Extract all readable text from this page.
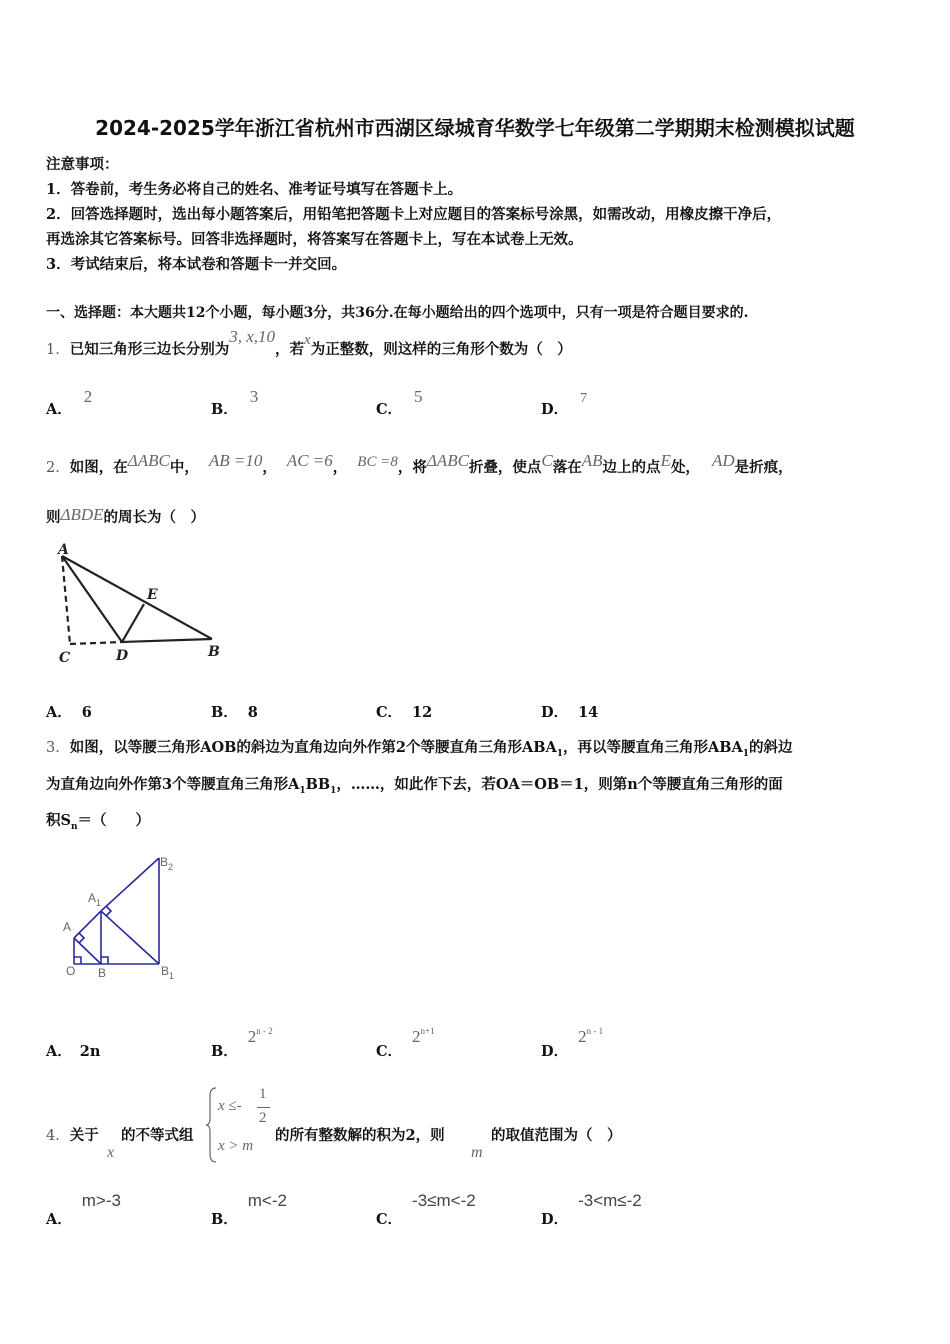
2024-2025学年浙江省杭州市西湖区绿城育华数学七年级第二学期期末检测模拟试题
注意事项：
1．答卷前，考生务必将自己的姓名、准考证号填写在答题卡上。
2．回答选择题时，选出每小题答案后，用铅笔把答题卡上对应题目的答案标号涂黑，如需改动，用橡皮擦干净后，
再选涂其它答案标号。回答非选择题时，将答案写在答题卡上，写在本试卷上无效。
3．考试结束后，将本试卷和答题卡一并交回。
一、选择题：本大题共12个小题，每小题3分，共36分.在每小题给出的四个选项中，只有一项是符合题目要求的.
1．已知三角形三边长分别为3, x,10，若x为正整数，则这样的三角形个数为（　）
A．2
B．3
C．5
D．7
2．如图，在ΔABC中， AB =10， AC =6， BC =8，将ΔABC折叠，使点C落在AB边上的点E处， AD是折痕，
则ΔBDE的周长为（　）
A
E
C	D	B
A． 6	B． 8	C． 12	D． 14
3．如图，以等腰三角形AOB的斜边为直角边向外作第2个等腰直角三角形$ABA_1$，再以等腰直角三角形$ABA_1$的斜边
为直角边向外作第3个等腰直角三角形$A_1BB_1$，……，如此作下去，若OA＝OB＝1，则第n个等腰直角三角形的面
积$S_n=$（　　）
$B_2$
$A_1$
A
O B	$B_1$
A． 2n	B．2$^{n - 2}$
C．$2^{n+1}$
D．2$^{n - 1}$
4．关于
x
的不等式组
x ≤-
1
2
x > m
的所有整数解的积为2，则
m
的取值范围为（　）
A．m>-3
B．m<-2
C．-3≤m<-2
D．-3<m≤-2
